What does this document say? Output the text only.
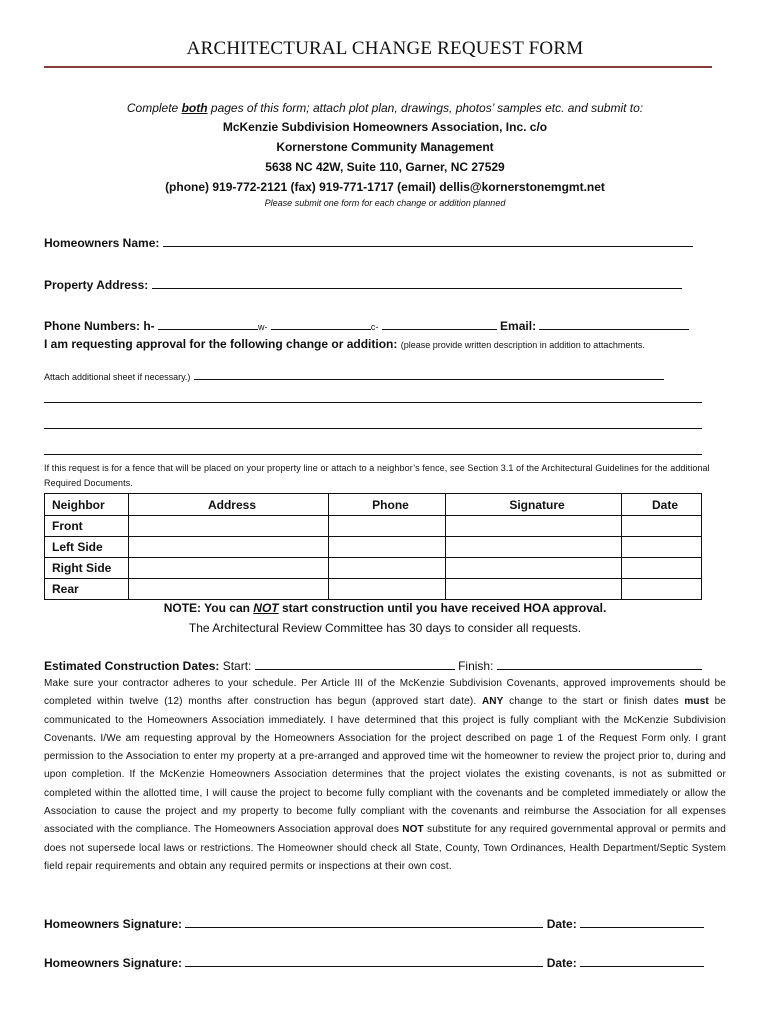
ARCHITECTURAL CHANGE REQUEST FORM
Complete both pages of this form; attach plot plan, drawings, photos’ samples etc. and submit to:
McKenzie Subdivision Homeowners Association, Inc. c/o
Kornerstone Community Management
5638 NC 42W, Suite 110, Garner, NC 27529
(phone) 919-772-2121 (fax) 919-771-1717 (email) dellis@kornerstonemgmt.net
Please submit one form for each change or addition planned
Homeowners Name:
Property Address:
Phone Numbers: h-	w-	c-	Email:
I am requesting approval for the following change or addition: (please provide written description in addition to attachments.
Attach additional sheet if necessary.)
If this request is for a fence that will be placed on your property line or attach to a neighbor’s fence, see Section 3.1 of the Architectural Guidelines for the additional Required Documents.
Neighbor	Address	Phone	Signature	Date
Front				
Left Side				
Right Side				
Rear				
NOTE: You can NOT start construction until you have received HOA approval.
The Architectural Review Committee has 30 days to consider all requests.
Estimated Construction Dates: Start:	Finish:
Make sure your contractor adheres to your schedule. Per Article III of the McKenzie Subdivision Covenants, approved improvements should be completed within twelve (12) months after construction has begun (approved start date). ANY change to the start or finish dates must be communicated to the Homeowners Association immediately. I have determined that this project is fully compliant with the McKenzie Subdivision Covenants. I/We am requesting approval by the Homeowners Association for the project described on page 1 of the Request Form only. I grant permission to the Association to enter my property at a pre-arranged and approved time wit the homeowner to review the project prior to, during and upon completion. If the McKenzie Homeowners Association determines that the project violates the existing covenants, is not as submitted or completed within the allotted time, I will cause the project to become fully compliant with the covenants and be completed immediately or allow the Association to cause the project and my property to become fully compliant with the covenants and reimburse the Association for all expenses associated with the compliance. The Homeowners Association approval does NOT substitute for any required governmental approval or permits and does not supersede local laws or restrictions. The Homeowner should check all State, County, Town Ordinances, Health Department/Septic System field repair requirements and obtain any required permits or inspections at their own cost.
Homeowners Signature:	Date:
Homeowners Signature:	Date:
